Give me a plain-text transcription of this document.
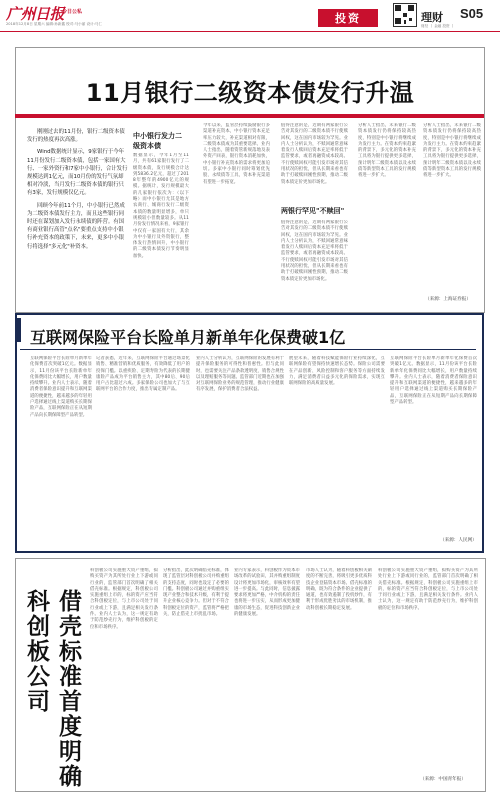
广州日报
今日公私
2018年12月8日 星期六 编辑:孙新鑫 校对:马小丽 设计:马仁	投资	理财
财经 丨 金融 投资 丨
S05
11月银行二级资本债发行升温

刚刚过去的11月份，银行二级资本债发行的热度再次高涨。

Wind数据统计显示，9家银行于今年11月份发行二级资本债，包括一家国有大行、一家外资行和7家中小银行，合计发行规模达到1亿元，而10月份的发行气氛却相对冷淡，当月发行二级资本债的银行只有3家，发行规模仅亿元。

回顾今年前11个月，中小银行已然成为二级资本债发行主力，而且这些银行同时还在谋划加入发行永续债的阵营。有国有商业银行高管"点名"要重点支持中小银行补充资本的政策下，未来，更多中小银行将选择"多元化"补资本。

中小银行发力二级资本债
数据显示，今年1月至11月，共有61家银行发行了二级资本债，发行规模合计达到5836.2亿元，超过了2018年整年的4900亿元的规模。据统计，发行规模最大的几家银行依次为：（以下略）而中小银行尤其是地方农商行、城商行发行二级资本债的数量明显增多，单只规模较小但数量较多。从11月份发行情况来看，9家银行中仅有一家国有大行，其余为中小银行及外资银行，整体发行热情回升，中小银行的二级资本债发行节奏明显加快。
今年以来，监管层持续鼓励银行多渠道补充资本，中小银行资本充足率压力较大，补充渠道相对有限，二级资本债成为其重要选择。业内人士指出，随着资管新规落地及表外资产回表，银行资本消耗加快，中小银行补充资本的需求将更加迫切。多家中小银行同时筹划优先股、永续债等工具，资本补充渠道有望进一步拓宽。
值得注意的是，近期有两家银行公告对其发行的二级资本债不行使赎回权，这在国内市场较为罕见。业内人士分析认为，不赎回通常意味着发行人赎回后资本充足率将低于监管要求，或者再融资成本较高。不行使赎回权可能引发市场对其信用状况的担忧，但从长期来看也有助于打破赎回刚性预期，推动二级资本债定价更加市场化。
两银行罕见"不赎回"
值得注意的是，近期有两家银行公告对其发行的二级资本债不行使赎回权，这在国内市场较为罕见。业内人士分析认为，不赎回通常意味着发行人赎回后资本充足率将低于监管要求，或者再融资成本较高。不行使赎回权可能引发市场对其信用状况的担忧，但从长期来看也有助于打破赎回刚性预期，推动二级资本债定价更加市场化。
分析人士指出，未来银行二级资本债发行仍将保持较高热度，特别是中小银行将继续成为发行主力。在资本约束趋紧的背景下，多元化的资本补充工具将为银行提供更多选择，预计明年二级资本债以及永续债等新型资本工具的发行规模将进一步扩大。
分析人士指出，未来银行二级资本债发行仍将保持较高热度，特别是中小银行将继续成为发行主力。在资本约束趋紧的背景下，多元化的资本补充工具将为银行提供更多选择，预计明年二级资本债以及永续债等新型资本工具的发行规模将进一步扩大。
（来源：上海证券报）
互联网保险平台长险单月新单年化保费破1亿
互联网保险平台长险单月新单年化保费首次突破1亿元。数据显示，11月份该平台长险新单年化保费同比大幅增长，用户数量持续攀升。业内人士表示，随着消费者保险意识提升和互联网渠道的便捷性，越来越多的年轻用户选择通过线上渠道购买长期保险产品，互联网保险正在从短期产品向长期保障型产品转型。
记者获悉，近年来，互联网保险平台通过场景化销售、精准营销和优质服务，有效降低了用户的投保门槛。以重疾险、定期寿险为代表的长期健康险产品成为平台销售主力，其中80后、90后用户占比超过六成。多家保险公司也加大了与互联网平台的合作力度，推出专属定制产品。
业内人士分析认为，互联网保险的发展有利于提升保险服务的可得性和普惠性。但与此同时，也需要关注产品条款透明度、销售合规性以及理赔服务等问题。监管部门近期也在加强对互联网保险业务的规范管理，推动行业健康有序发展，保护消费者合法权益。
展望未来，随着科技赋能保险行业持续深化，互联网保险有望保持快速增长态势。保险公司需要在产品创新、风险控制和客户服务等方面持续发力，满足消费者日益多元化的保险需求，实现互联网保险的高质量发展。
互联网保险平台长险单月新单年化保费首次突破1亿元。数据显示，11月份该平台长险新单年化保费同比大幅增长，用户数量持续攀升。业内人士表示，随着消费者保险意识提升和互联网渠道的便捷性，越来越多的年轻用户选择通过线上渠道购买长期保险产品，互联网保险正在从短期产品向长期保障型产品转型。
（来源：人民网）
科创板公司
借壳标准首度明确
科创板公司实施重大资产重组，拟购买资产为其所处行业上下游或同行业的，监管部门首次明确了相关借壳标准。根据规定，科创板公司实施重组上市的，标的资产应当符合科创板定位，与上市公司处于同行业或上下游，且满足相关发行条件。业内人士认为，这一规定有助于防范炒壳行为，维护科创板的定位和市场秩序。
分析指出，此次明确借壳标准，体现了监管层对科创板公司并购重组的支持态度，同时也设定了必要的门槛。科创板公司通过并购重组实现产业整合和技术升级，有利于提升企业核心竞争力。但对于不符合科创板定位的资产，监管将严格把关，防止借壳上市扰乱市场。
业内专家表示，科创板作为资本市场改革的试验田，其并购重组制度设计将更加市场化，审核效率有望进一步提高。与此同时，信息披露要求将更加严格，中介机构的责任也将进一步压实，从而形成更加健康的市场生态，促进科技创新企业的健康发展。
市场人士认为，随着科创板相关制度的不断完善，将吸引更多优质科技企业登陆资本市场。借壳标准的明确，既为符合条件的企业提供了通道，也有效遏制了投机炒作，有利于形成优胜劣汰的市场机制，推动科创板长期稳定发展。
科创板公司实施重大资产重组，拟购买资产为其所处行业上下游或同行业的，监管部门首次明确了相关借壳标准。根据规定，科创板公司实施重组上市的，标的资产应当符合科创板定位，与上市公司处于同行业或上下游，且满足相关发行条件。业内人士认为，这一规定有助于防范炒壳行为，维护科创板的定位和市场秩序。
（来源：中国青年报）
